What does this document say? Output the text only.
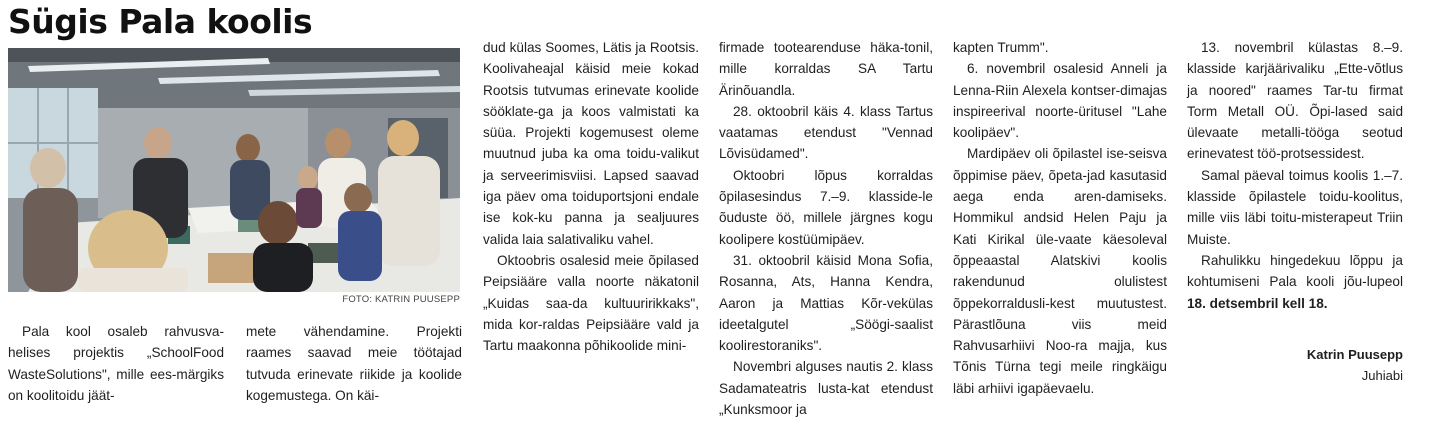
Sügis Pala koolis
FOTO: KATRIN PUUSEPP

Pala kool osaleb rahvusva-helises projektis „SchoolFood WasteSolutions", mille ees-märgiks on koolitoidu jäät-

mete vähendamine. Projekti raames saavad meie töötajad tutvuda erinevate riikide ja koolide kogemustega. On käi-

dud külas Soomes, Lätis ja Rootsis. Koolivaheajal käisid meie kokad Rootsis tutvumas erinevate koolide sööklate-ga ja koos valmistati ka süüa. Projekti kogemusest oleme muutnud juba ka oma toidu-valikut ja serveerimisviisi. Lapsed saavad iga päev oma toiduportsjoni endale ise kok-ku panna ja sealjuures valida laia salativaliku vahel.

Oktoobris osalesid meie õpilased Peipsiääre valla noorte näkatonil „Kuidas saa-da kultuuririkkaks", mida kor-raldas Peipsiääre vald ja Tartu maakonna põhikoolide mini-

firmade tootearenduse häka-tonil, mille korraldas SA Tartu Ärinõuandla.

28. oktoobril käis 4. klass Tartus vaatamas etendust "Vennad Lõvisüdamed".

Oktoobri lõpus korraldas õpilasesindus 7.–9. klasside-le õuduste öö, millele järgnes kogu koolipere kostüümipäev.

31. oktoobril käisid Mona Sofia, Rosanna, Ats, Hanna Kendra, Aaron ja Mattias Kõr-vekülas ideetalgutel „Söögi-saalist koolirestoraniks".

Novembri alguses nautis 2. klass Sadamateatris lusta-kat etendust „Kunksmoor ja

kapten Trumm".

6. novembril osalesid Anneli ja Lenna-Riin Alexela kontser-dimajas inspireerival noorte-üritusel "Lahe koolipäev".

Mardipäev oli õpilastel ise-seisva õppimise päev, õpeta-jad kasutasid aega enda aren-damiseks. Hommikul andsid Helen Paju ja Kati Kirikal üle-vaate käesoleval õppeaastal Alatskivi koolis rakendunud olulistest õppekorraldusli-kest muutustest. Pärastlõuna viis meid Rahvusarhiivi Noo-ra majja, kus Tõnis Türna tegi meile ringkäigu läbi arhiivi igapäevaelu.

13. novembril külastas 8.–9. klasside karjäärivaliku „Ette-võtlus ja noored" raames Tar-tu firmat Torm Metall OÜ. Õpi-lased said ülevaate metalli-tööga seotud erinevatest töö-protsessidest.

Samal päeval toimus koolis 1.–7. klasside õpilastele toidu-koolitus, mille viis läbi toitu-misterapeut Triin Muiste.

Rahulikku hingedekuu lõppu ja kohtumiseni Pala kooli jõu-lupeol 18. detsembril kell 18.

Katrin Puusepp
Juhiabi
